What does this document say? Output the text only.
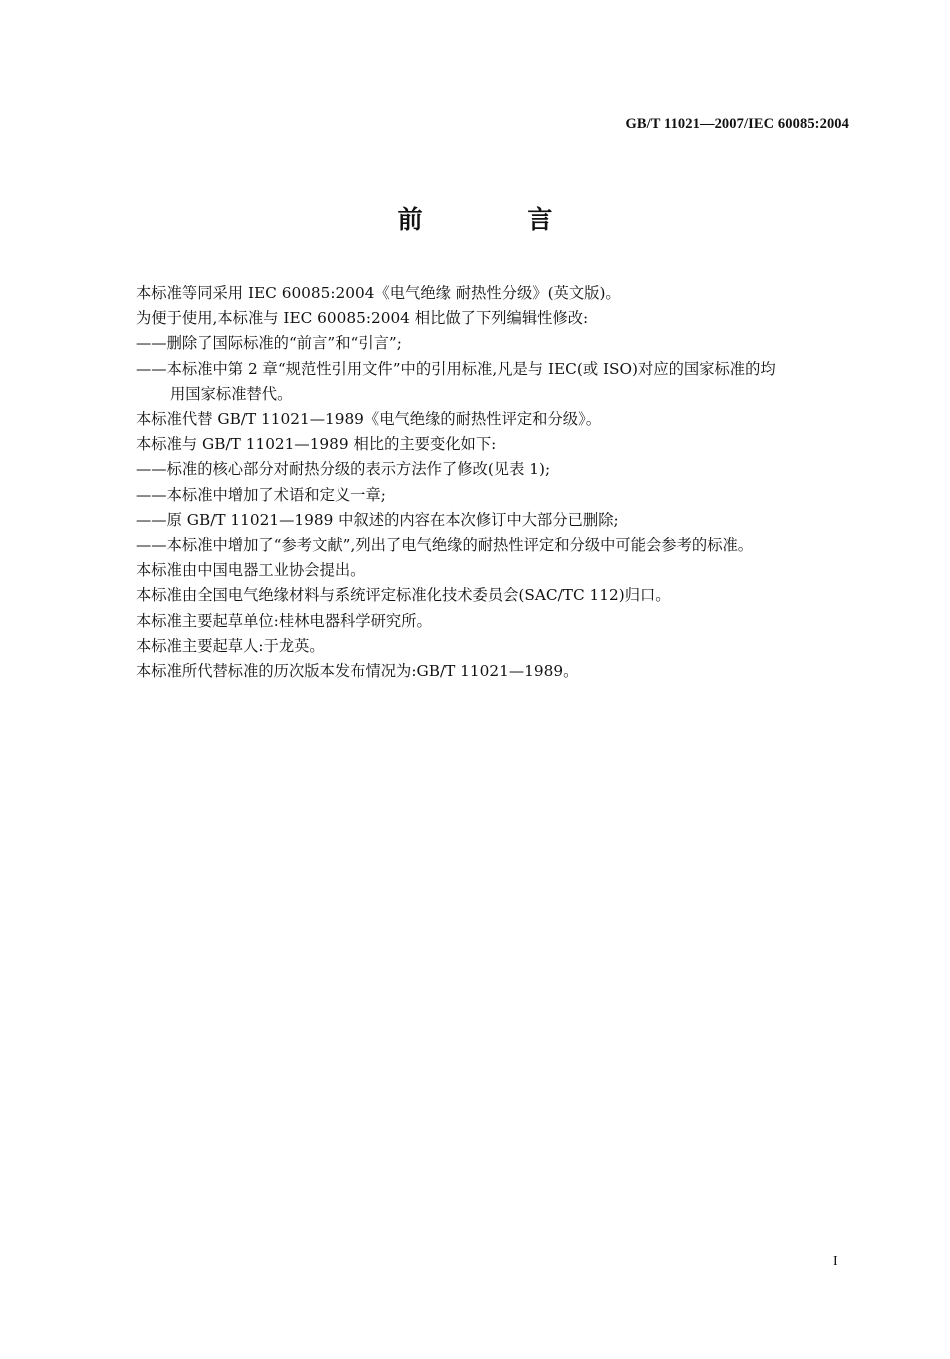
GB/T 11021—2007/IEC 60085:2004
前 言
本标准等同采用 IEC 60085:2004《电气绝缘 耐热性分级》(英文版)。
为便于使用,本标准与 IEC 60085:2004 相比做了下列编辑性修改:
——删除了国际标准的“前言”和“引言”;
——本标准中第 2 章“规范性引用文件”中的引用标准,凡是与 IEC(或 ISO)对应的国家标准的均
用国家标准替代。
本标准代替 GB/T 11021—1989《电气绝缘的耐热性评定和分级》。
本标准与 GB/T 11021—1989 相比的主要变化如下:
——标准的核心部分对耐热分级的表示方法作了修改(见表 1);
——本标准中增加了术语和定义一章;
——原 GB/T 11021—1989 中叙述的内容在本次修订中大部分已删除;
——本标准中增加了“参考文献”,列出了电气绝缘的耐热性评定和分级中可能会参考的标准。
本标准由中国电器工业协会提出。
本标准由全国电气绝缘材料与系统评定标准化技术委员会(SAC/TC 112)归口。
本标准主要起草单位:桂林电器科学研究所。
本标准主要起草人:于龙英。
本标准所代替标准的历次版本发布情况为:GB/T 11021—1989。
I
